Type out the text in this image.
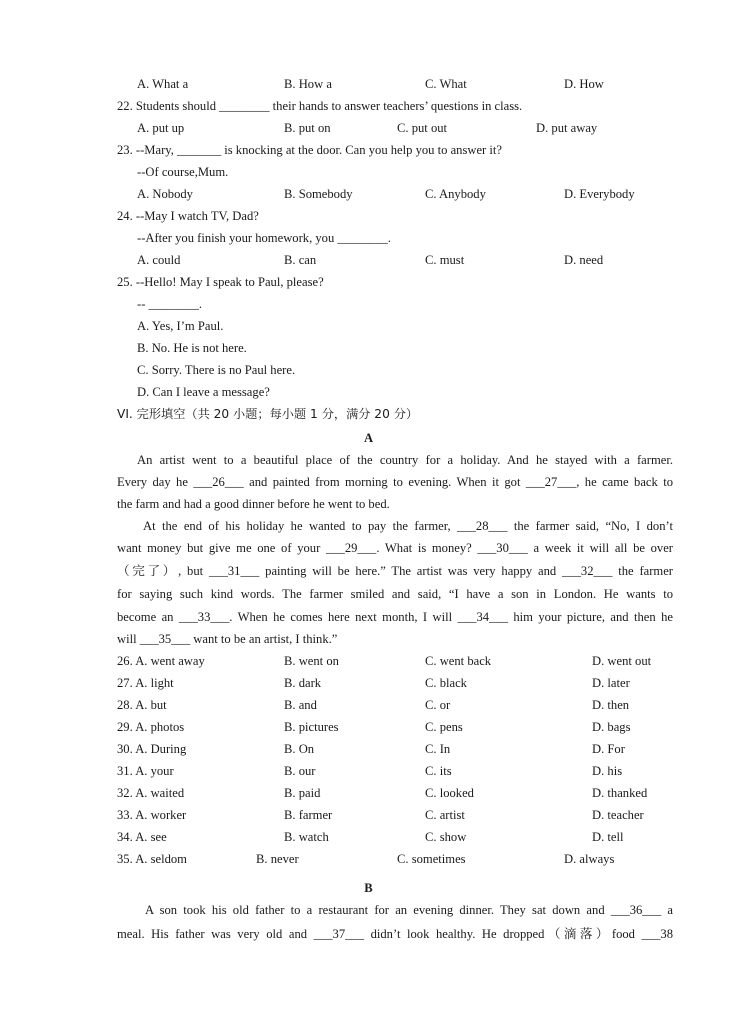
A. What a	B. How a	C. What	D. How
22. Students should ________ their hands to answer teachers’ questions in class.
A. put up	B. put on	C. put out	D. put away
23. --Mary, _______ is knocking at the door. Can you help you to answer it?
--Of course,Mum.
A. Nobody	B. Somebody	C. Anybody	D. Everybody
24. --May I watch TV, Dad?
--After you finish your homework, you ________.
A. could	B. can	C. must	D. need
25. --Hello! May I speak to Paul, please?
-- ________.
A. Yes, I’m Paul.
B. No. He is not here.
C. Sorry. There is no Paul here.
D. Can I leave a message?
VI. 完形填空（共 20 小题；每小题 1 分，满分 20 分）
A
An artist went to a beautiful place of the country for a holiday. And he stayed with a farmer.
Every day he ___26___ and painted from morning to evening. When it got ___27___, he came back to
the farm and had a good dinner before he went to bed.
At the end of his holiday he wanted to pay the farmer, ___28___ the farmer said, “No, I don’t
want money but give me one of your ___29___. What is money? ___30___ a week it will all be over
（完了）, but ___31___ painting will be here.” The artist was very happy and ___32___ the farmer
for saying such kind words. The farmer smiled and said, “I have a son in London. He wants to
become an ___33___. When he comes here next month, I will ___34___ him your picture, and then he
will ___35___ want to be an artist, I think.”
26. A. went away	B. went on	C. went back	D. went out
27. A. light	B. dark	C. black	D. later
28. A. but	B. and	C. or	D. then
29. A. photos	B. pictures	C. pens	D. bags
30. A. During	B. On	C. In	D. For
31. A. your	B. our	C. its	D. his
32. A. waited	B. paid	C. looked	D. thanked
33. A. worker	B. farmer	C. artist	D. teacher
34. A. see	B. watch	C. show	D. tell
35. A. seldom	B. never	C. sometimes	D. always
B
A son took his old father to a restaurant for an evening dinner. They sat down and ___36___ a
meal. His father was very old and ___37___ didn’t look healthy. He dropped（滴落）food ___38
